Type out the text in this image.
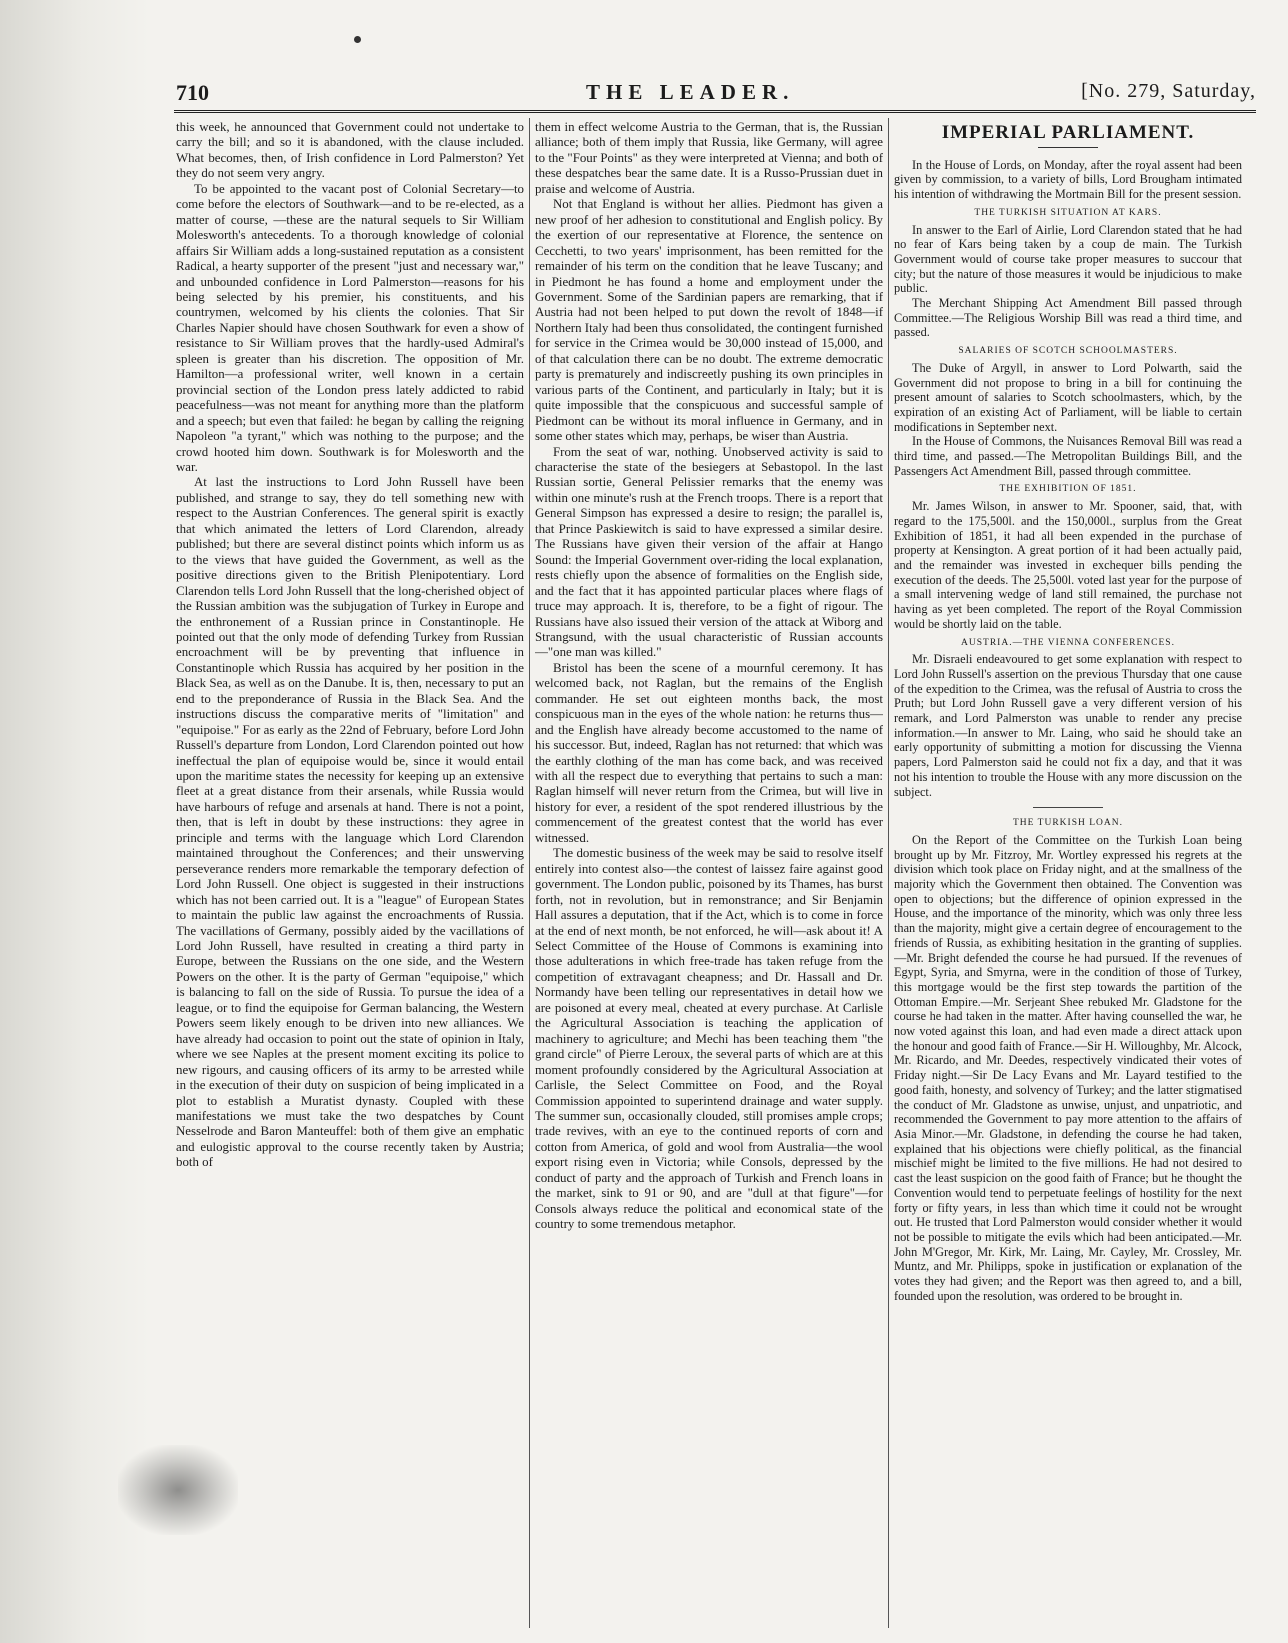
710	THE LEADER.	[No. 279, Saturday,

this week, he announced that Government could not undertake to carry the bill; and so it is abandoned, with the clause included. What becomes, then, of Irish confidence in Lord Palmerston? Yet they do not seem very angry.

To be appointed to the vacant post of Colonial Secretary—to come before the electors of Southwark—and to be re-elected, as a matter of course, —these are the natural sequels to Sir William Molesworth's antecedents. To a thorough knowledge of colonial affairs Sir William adds a long-sustained reputation as a consistent Radical, a hearty supporter of the present "just and necessary war," and unbounded confidence in Lord Palmerston—reasons for his being selected by his premier, his constituents, and his countrymen, welcomed by his clients the colonies. That Sir Charles Napier should have chosen Southwark for even a show of resistance to Sir William proves that the hardly-used Admiral's spleen is greater than his discretion. The opposition of Mr. Hamilton—a professional writer, well known in a certain provincial section of the London press lately addicted to rabid peacefulness—was not meant for anything more than the platform and a speech; but even that failed: he began by calling the reigning Napoleon "a tyrant," which was nothing to the purpose; and the crowd hooted him down. Southwark is for Molesworth and the war.

At last the instructions to Lord John Russell have been published, and strange to say, they do tell something new with respect to the Austrian Conferences. The general spirit is exactly that which animated the letters of Lord Clarendon, already published; but there are several distinct points which inform us as to the views that have guided the Government, as well as the positive directions given to the British Plenipotentiary. Lord Clarendon tells Lord John Russell that the long-cherished object of the Russian ambition was the subjugation of Turkey in Europe and the enthronement of a Russian prince in Constantinople. He pointed out that the only mode of defending Turkey from Russian encroachment will be by preventing that influence in Constantinople which Russia has acquired by her position in the Black Sea, as well as on the Danube. It is, then, necessary to put an end to the preponderance of Russia in the Black Sea. And the instructions discuss the comparative merits of "limitation" and "equipoise." For as early as the 22nd of February, before Lord John Russell's departure from London, Lord Clarendon pointed out how ineffectual the plan of equipoise would be, since it would entail upon the maritime states the necessity for keeping up an extensive fleet at a great distance from their arsenals, while Russia would have harbours of refuge and arsenals at hand. There is not a point, then, that is left in doubt by these instructions: they agree in principle and terms with the language which Lord Clarendon maintained throughout the Conferences; and their unswerving perseverance renders more remarkable the temporary defection of Lord John Russell. One object is suggested in their instructions which has not been carried out. It is a "league" of European States to maintain the public law against the encroachments of Russia. The vacillations of Germany, possibly aided by the vacillations of Lord John Russell, have resulted in creating a third party in Europe, between the Russians on the one side, and the Western Powers on the other. It is the party of German "equipoise," which is balancing to fall on the side of Russia. To pursue the idea of a league, or to find the equipoise for German balancing, the Western Powers seem likely enough to be driven into new alliances. We have already had occasion to point out the state of opinion in Italy, where we see Naples at the present moment exciting its police to new rigours, and causing officers of its army to be arrested while in the execution of their duty on suspicion of being implicated in a plot to establish a Muratist dynasty. Coupled with these manifestations we must take the two despatches by Count Nesselrode and Baron Manteuffel: both of them give an emphatic and eulogistic approval to the course recently taken by Austria; both of

them in effect welcome Austria to the German, that is, the Russian alliance; both of them imply that Russia, like Germany, will agree to the "Four Points" as they were interpreted at Vienna; and both of these despatches bear the same date. It is a Russo-Prussian duet in praise and welcome of Austria.

Not that England is without her allies. Piedmont has given a new proof of her adhesion to constitutional and English policy. By the exertion of our representative at Florence, the sentence on Cecchetti, to two years' imprisonment, has been remitted for the remainder of his term on the condition that he leave Tuscany; and in Piedmont he has found a home and employment under the Government. Some of the Sardinian papers are remarking, that if Austria had not been helped to put down the revolt of 1848—if Northern Italy had been thus consolidated, the contingent furnished for service in the Crimea would be 30,000 instead of 15,000, and of that calculation there can be no doubt. The extreme democratic party is prematurely and indiscreetly pushing its own principles in various parts of the Continent, and particularly in Italy; but it is quite impossible that the conspicuous and successful sample of Piedmont can be without its moral influence in Germany, and in some other states which may, perhaps, be wiser than Austria.

From the seat of war, nothing. Unobserved activity is said to characterise the state of the besiegers at Sebastopol. In the last Russian sortie, General Pelissier remarks that the enemy was within one minute's rush at the French troops. There is a report that General Simpson has expressed a desire to resign; the parallel is, that Prince Paskiewitch is said to have expressed a similar desire. The Russians have given their version of the affair at Hango Sound: the Imperial Government over-riding the local explanation, rests chiefly upon the absence of formalities on the English side, and the fact that it has appointed particular places where flags of truce may approach. It is, therefore, to be a fight of rigour. The Russians have also issued their version of the attack at Wiborg and Strangsund, with the usual characteristic of Russian accounts—"one man was killed."

Bristol has been the scene of a mournful ceremony. It has welcomed back, not Raglan, but the remains of the English commander. He set out eighteen months back, the most conspicuous man in the eyes of the whole nation: he returns thus—and the English have already become accustomed to the name of his successor. But, indeed, Raglan has not returned: that which was the earthly clothing of the man has come back, and was received with all the respect due to everything that pertains to such a man: Raglan himself will never return from the Crimea, but will live in history for ever, a resident of the spot rendered illustrious by the commencement of the greatest contest that the world has ever witnessed.

The domestic business of the week may be said to resolve itself entirely into contest also—the contest of laissez faire against good government. The London public, poisoned by its Thames, has burst forth, not in revolution, but in remonstrance; and Sir Benjamin Hall assures a deputation, that if the Act, which is to come in force at the end of next month, be not enforced, he will—ask about it! A Select Committee of the House of Commons is examining into those adulterations in which free-trade has taken refuge from the competition of extravagant cheapness; and Dr. Hassall and Dr. Normandy have been telling our representatives in detail how we are poisoned at every meal, cheated at every purchase. At Carlisle the Agricultural Association is teaching the application of machinery to agriculture; and Mechi has been teaching them "the grand circle" of Pierre Leroux, the several parts of which are at this moment profoundly considered by the Agricultural Association at Carlisle, the Select Committee on Food, and the Royal Commission appointed to superintend drainage and water supply. The summer sun, occasionally clouded, still promises ample crops; trade revives, with an eye to the continued reports of corn and cotton from America, of gold and wool from Australia—the wool export rising even in Victoria; while Consols, depressed by the conduct of party and the approach of Turkish and French loans in the market, sink to 91 or 90, and are "dull at that figure"—for Consols always reduce the political and economical state of the country to some tremendous metaphor.

IMPERIAL PARLIAMENT.

In the House of Lords, on Monday, after the royal assent had been given by commission, to a variety of bills, Lord Brougham intimated his intention of withdrawing the Mortmain Bill for the present session.

THE TURKISH SITUATION AT KARS.

In answer to the Earl of Airlie, Lord Clarendon stated that he had no fear of Kars being taken by a coup de main. The Turkish Government would of course take proper measures to succour that city; but the nature of those measures it would be injudicious to make public.

The Merchant Shipping Act Amendment Bill passed through Committee.—The Religious Worship Bill was read a third time, and passed.

SALARIES OF SCOTCH SCHOOLMASTERS.

The Duke of Argyll, in answer to Lord Polwarth, said the Government did not propose to bring in a bill for continuing the present amount of salaries to Scotch schoolmasters, which, by the expiration of an existing Act of Parliament, will be liable to certain modifications in September next.

In the House of Commons, the Nuisances Removal Bill was read a third time, and passed.—The Metropolitan Buildings Bill, and the Passengers Act Amendment Bill, passed through committee.

THE EXHIBITION OF 1851.

Mr. James Wilson, in answer to Mr. Spooner, said, that, with regard to the 175,500l. and the 150,000l., surplus from the Great Exhibition of 1851, it had all been expended in the purchase of property at Kensington. A great portion of it had been actually paid, and the remainder was invested in exchequer bills pending the execution of the deeds. The 25,500l. voted last year for the purpose of a small intervening wedge of land still remained, the purchase not having as yet been completed. The report of the Royal Commission would be shortly laid on the table.

AUSTRIA.—THE VIENNA CONFERENCES.

Mr. Disraeli endeavoured to get some explanation with respect to Lord John Russell's assertion on the previous Thursday that one cause of the expedition to the Crimea, was the refusal of Austria to cross the Pruth; but Lord John Russell gave a very different version of his remark, and Lord Palmerston was unable to render any precise information.—In answer to Mr. Laing, who said he should take an early opportunity of submitting a motion for discussing the Vienna papers, Lord Palmerston said he could not fix a day, and that it was not his intention to trouble the House with any more discussion on the subject.

THE TURKISH LOAN.

On the Report of the Committee on the Turkish Loan being brought up by Mr. Fitzroy, Mr. Wortley expressed his regrets at the division which took place on Friday night, and at the smallness of the majority which the Government then obtained. The Convention was open to objections; but the difference of opinion expressed in the House, and the importance of the minority, which was only three less than the majority, might give a certain degree of encouragement to the friends of Russia, as exhibiting hesitation in the granting of supplies.—Mr. Bright defended the course he had pursued. If the revenues of Egypt, Syria, and Smyrna, were in the condition of those of Turkey, this mortgage would be the first step towards the partition of the Ottoman Empire.—Mr. Serjeant Shee rebuked Mr. Gladstone for the course he had taken in the matter. After having counselled the war, he now voted against this loan, and had even made a direct attack upon the honour and good faith of France.—Sir H. Willoughby, Mr. Alcock, Mr. Ricardo, and Mr. Deedes, respectively vindicated their votes of Friday night.—Sir De Lacy Evans and Mr. Layard testified to the good faith, honesty, and solvency of Turkey; and the latter stigmatised the conduct of Mr. Gladstone as unwise, unjust, and unpatriotic, and recommended the Government to pay more attention to the affairs of Asia Minor.—Mr. Gladstone, in defending the course he had taken, explained that his objections were chiefly political, as the financial mischief might be limited to the five millions. He had not desired to cast the least suspicion on the good faith of France; but he thought the Convention would tend to perpetuate feelings of hostility for the next forty or fifty years, in less than which time it could not be wrought out. He trusted that Lord Palmerston would consider whether it would not be possible to mitigate the evils which had been anticipated.—Mr. John M'Gregor, Mr. Kirk, Mr. Laing, Mr. Cayley, Mr. Crossley, Mr. Muntz, and Mr. Philipps, spoke in justification or explanation of the votes they had given; and the Report was then agreed to, and a bill, founded upon the resolution, was ordered to be brought in.
